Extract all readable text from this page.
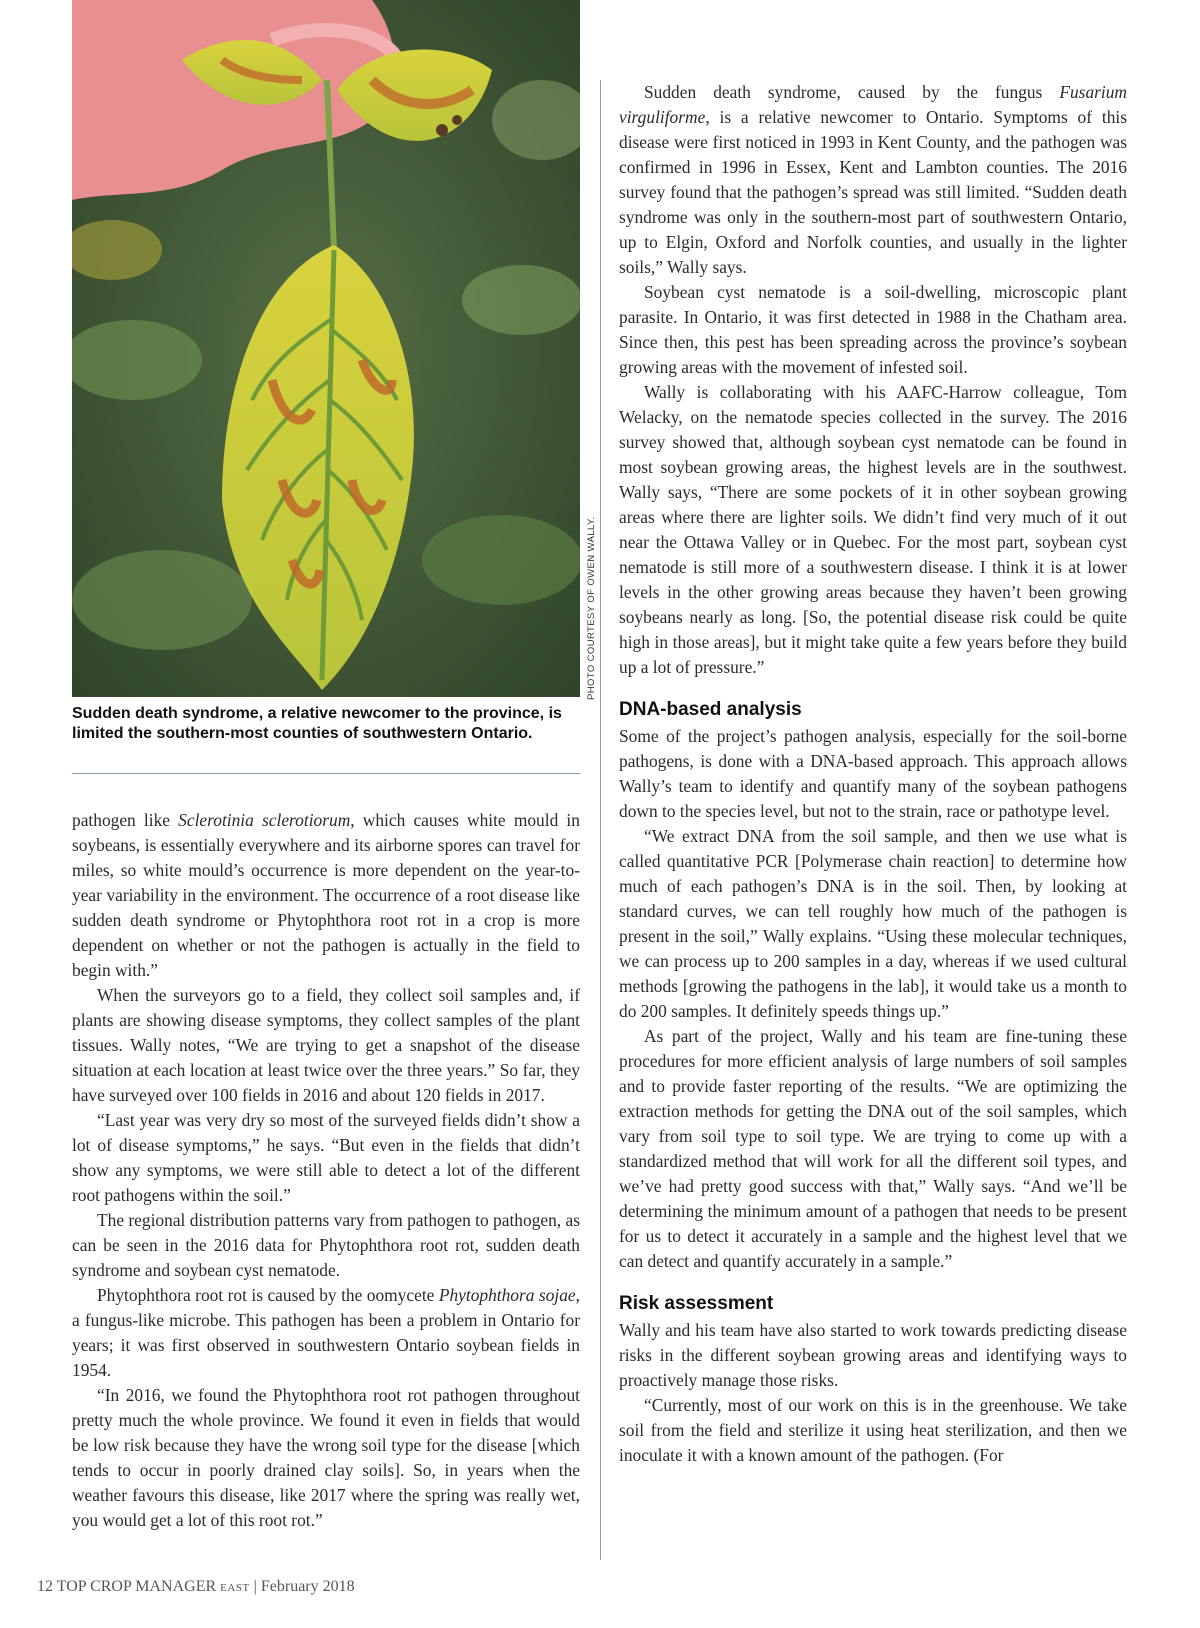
PHOTO COURTESY OF OWEN WALLY.
Sudden death syndrome, a relative newcomer to the province, is limited the southern-most counties of southwestern Ontario.

pathogen like Sclerotinia sclerotiorum, which causes white mould in soybeans, is essentially everywhere and its airborne spores can travel for miles, so white mould’s occurrence is more dependent on the year-to-year variability in the environment. The occurrence of a root disease like sudden death syndrome or Phytophthora root rot in a crop is more dependent on whether or not the pathogen is actually in the field to begin with.”

When the surveyors go to a field, they collect soil samples and, if plants are showing disease symptoms, they collect samples of the plant tissues. Wally notes, “We are trying to get a snapshot of the disease situation at each location at least twice over the three years.” So far, they have surveyed over 100 fields in 2016 and about 120 fields in 2017.

“Last year was very dry so most of the surveyed fields didn’t show a lot of disease symptoms,” he says. “But even in the fields that didn’t show any symptoms, we were still able to detect a lot of the different root pathogens within the soil.”

The regional distribution patterns vary from pathogen to pathogen, as can be seen in the 2016 data for Phytophthora root rot, sudden death syndrome and soybean cyst nematode.

Phytophthora root rot is caused by the oomycete Phytophthora sojae, a fungus-like microbe. This pathogen has been a problem in Ontario for years; it was first observed in southwestern Ontario soybean fields in 1954.

“In 2016, we found the Phytophthora root rot pathogen throughout pretty much the whole province. We found it even in fields that would be low risk because they have the wrong soil type for the disease [which tends to occur in poorly drained clay soils]. So, in years when the weather favours this disease, like 2017 where the spring was really wet, you would get a lot of this root rot.”

Sudden death syndrome, caused by the fungus Fusarium virguliforme, is a relative newcomer to Ontario. Symptoms of this disease were first noticed in 1993 in Kent County, and the pathogen was confirmed in 1996 in Essex, Kent and Lambton counties. The 2016 survey found that the pathogen’s spread was still limited. “Sudden death syndrome was only in the southern-most part of southwestern Ontario, up to Elgin, Oxford and Norfolk counties, and usually in the lighter soils,” Wally says.

Soybean cyst nematode is a soil-dwelling, microscopic plant parasite. In Ontario, it was first detected in 1988 in the Chatham area. Since then, this pest has been spreading across the province’s soybean growing areas with the movement of infested soil.

Wally is collaborating with his AAFC-Harrow colleague, Tom Welacky, on the nematode species collected in the survey. The 2016 survey showed that, although soybean cyst nematode can be found in most soybean growing areas, the highest levels are in the southwest. Wally says, “There are some pockets of it in other soybean growing areas where there are lighter soils. We didn’t find very much of it out near the Ottawa Valley or in Quebec. For the most part, soybean cyst nematode is still more of a southwestern disease. I think it is at lower levels in the other growing areas because they haven’t been growing soybeans nearly as long. [So, the potential disease risk could be quite high in those areas], but it might take quite a few years before they build up a lot of pressure.”

DNA-based analysis

Some of the project’s pathogen analysis, especially for the soil-borne pathogens, is done with a DNA-based approach. This approach allows Wally’s team to identify and quantify many of the soybean pathogens down to the species level, but not to the strain, race or pathotype level.

“We extract DNA from the soil sample, and then we use what is called quantitative PCR [Polymerase chain reaction] to determine how much of each pathogen’s DNA is in the soil. Then, by looking at standard curves, we can tell roughly how much of the pathogen is present in the soil,” Wally explains. “Using these molecular techniques, we can process up to 200 samples in a day, whereas if we used cultural methods [growing the pathogens in the lab], it would take us a month to do 200 samples. It definitely speeds things up.”

As part of the project, Wally and his team are fine-tuning these procedures for more efficient analysis of large numbers of soil samples and to provide faster reporting of the results. “We are optimizing the extraction methods for getting the DNA out of the soil samples, which vary from soil type to soil type. We are trying to come up with a standardized method that will work for all the different soil types, and we’ve had pretty good success with that,” Wally says. “And we’ll be determining the minimum amount of a pathogen that needs to be present for us to detect it accurately in a sample and the highest level that we can detect and quantify accurately in a sample.”

Risk assessment

Wally and his team have also started to work towards predicting disease risks in the different soybean growing areas and identifying ways to proactively manage those risks.

“Currently, most of our work on this is in the greenhouse. We take soil from the field and sterilize it using heat sterilization, and then we inoculate it with a known amount of the pathogen. (For

12 TOP CROP MANAGER EAST | February 2018
